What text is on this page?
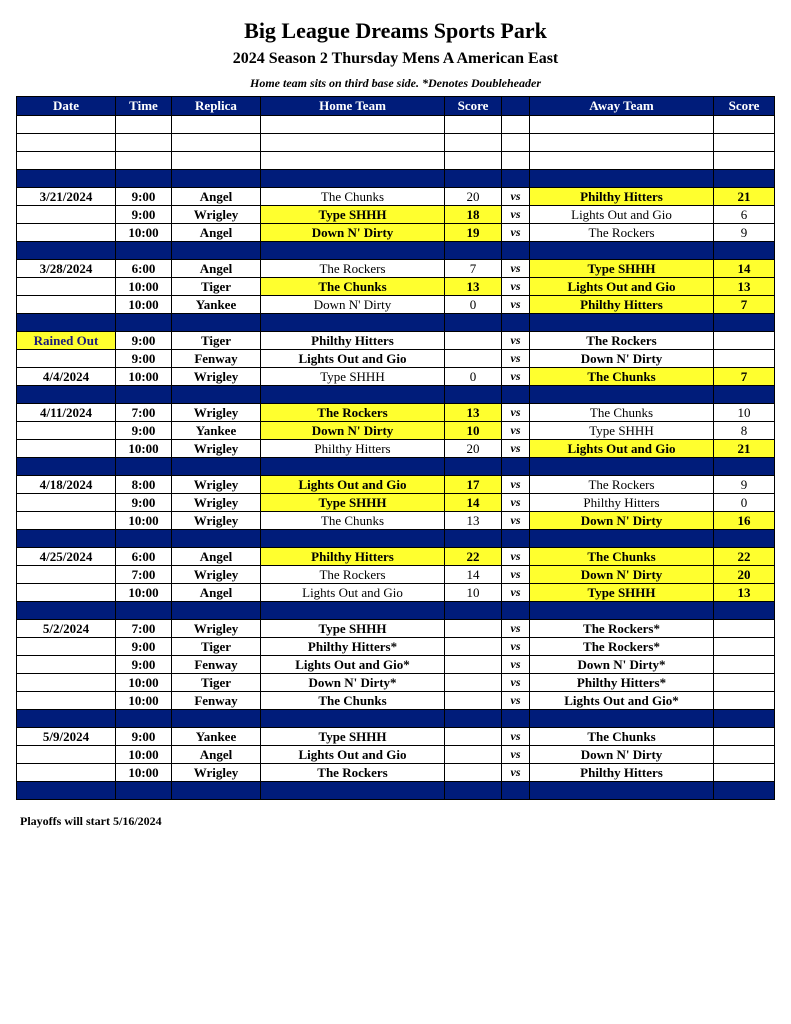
Big League Dreams Sports Park
2024 Season 2 Thursday Mens A American East
Home team sits on third base side. *Denotes Doubleheader
Date	Time	Replica	Home Team	Score		Away Team	Score

3/21/2024	9:00	Angel	The Chunks	20	vs	Philthy Hitters	21
	9:00	Wrigley	Type SHHH	18	vs	Lights Out and Gio	6
	10:00	Angel	Down N' Dirty	19	vs	The Rockers	9

3/28/2024	6:00	Angel	The Rockers	7	vs	Type SHHH	14
	10:00	Tiger	The Chunks	13	vs	Lights Out and Gio	13
	10:00	Yankee	Down N' Dirty	0	vs	Philthy Hitters	7

Rained Out	9:00	Tiger	Philthy Hitters		vs	The Rockers	
	9:00	Fenway	Lights Out and Gio		vs	Down N' Dirty	
4/4/2024	10:00	Wrigley	Type SHHH	0	vs	The Chunks	7

4/11/2024	7:00	Wrigley	The Rockers	13	vs	The Chunks	10
	9:00	Yankee	Down N' Dirty	10	vs	Type SHHH	8
	10:00	Wrigley	Philthy Hitters	20	vs	Lights Out and Gio	21

4/18/2024	8:00	Wrigley	Lights Out and Gio	17	vs	The Rockers	9
	9:00	Wrigley	Type SHHH	14	vs	Philthy Hitters	0
	10:00	Wrigley	The Chunks	13	vs	Down N' Dirty	16

4/25/2024	6:00	Angel	Philthy Hitters	22	vs	The Chunks	22
	7:00	Wrigley	The Rockers	14	vs	Down N' Dirty	20
	10:00	Angel	Lights Out and Gio	10	vs	Type SHHH	13

5/2/2024	7:00	Wrigley	Type SHHH		vs	The Rockers*	
	9:00	Tiger	Philthy Hitters*		vs	The Rockers*	
	9:00	Fenway	Lights Out and Gio*		vs	Down N' Dirty*	
	10:00	Tiger	Down N' Dirty*		vs	Philthy Hitters*	
	10:00	Fenway	The Chunks		vs	Lights Out and Gio*	

5/9/2024	9:00	Yankee	Type SHHH		vs	The Chunks	
	10:00	Angel	Lights Out and Gio		vs	Down N' Dirty	
	10:00	Wrigley	The Rockers		vs	Philthy Hitters	

Playoffs will start 5/16/2024
